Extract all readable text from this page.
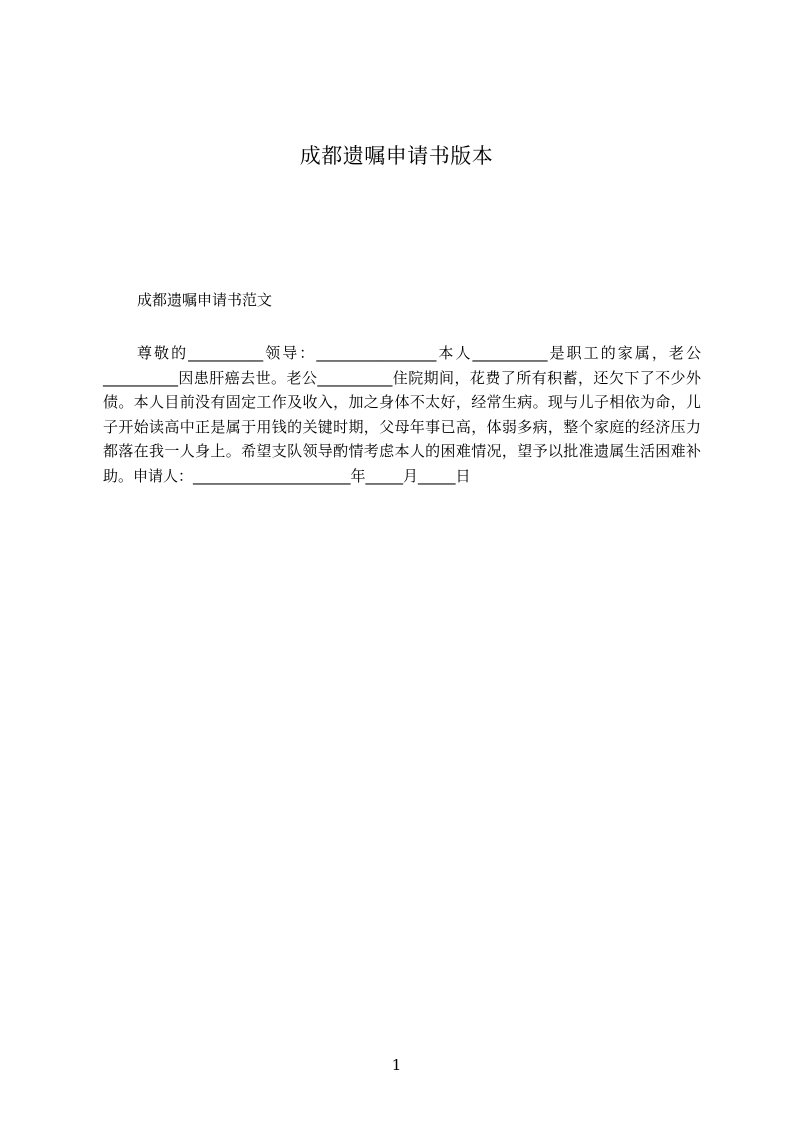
成都遗嘱申请书版本
成都遗嘱申请书范文

尊敬的__________领导：________________本人__________是职工的家属，老公__________因患肝癌去世。老公__________住院期间，花费了所有积蓄，还欠下了不少外债。本人目前没有固定工作及收入，加之身体不太好，经常生病。现与儿子相依为命，儿子开始读高中正是属于用钱的关键时期，父母年事已高，体弱多病，整个家庭的经济压力都落在我一人身上。希望支队领导酌情考虑本人的困难情况，望予以批准遗属生活困难补助。申请人：_____________________年_____月_____日

1
